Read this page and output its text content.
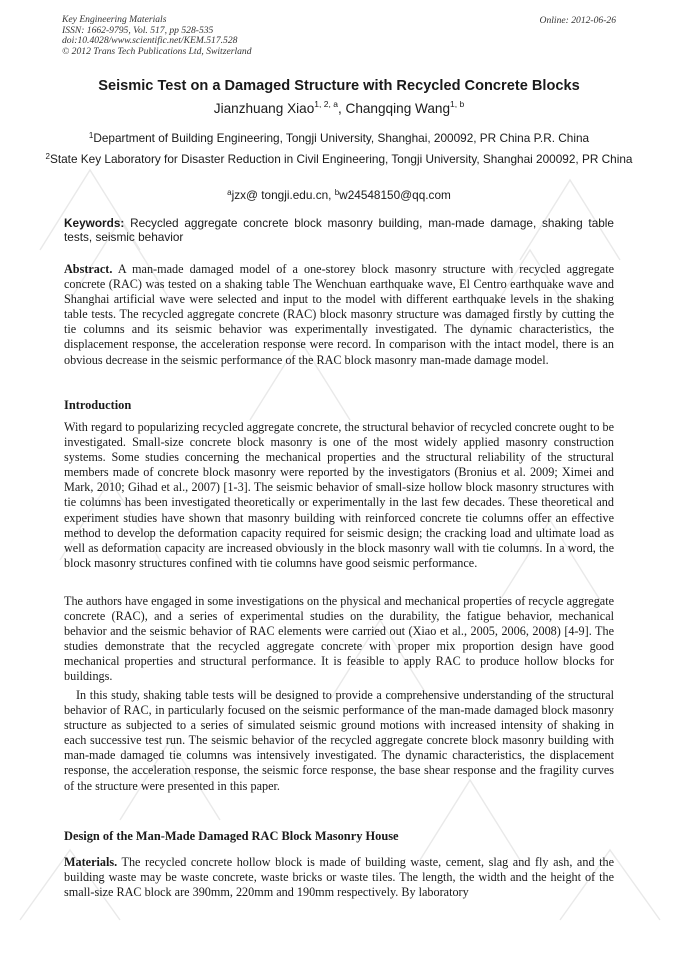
Key Engineering Materials
ISSN: 1662-9795, Vol. 517, pp 528-535
doi:10.4028/www.scientific.net/KEM.517.528
© 2012 Trans Tech Publications Ltd, Switzerland
Online: 2012-06-26
Seismic Test on a Damaged Structure with Recycled Concrete Blocks
Jianzhuang Xiao$^{1, 2, a}$, Changqing Wang$^{1, b}$
$^1$Department of Building Engineering, Tongji University, Shanghai, 200092, PR China P.R. China
$^2$State Key Laboratory for Disaster Reduction in Civil Engineering, Tongji University, Shanghai 200092, PR China
$^a$jzx@ tongji.edu.cn, $^b$w24548150@qq.com
Keywords: Recycled aggregate concrete block masonry building, man-made damage, shaking table tests, seismic behavior
Abstract. A man-made damaged model of a one-storey block masonry structure with recycled aggregate concrete (RAC) was tested on a shaking table The Wenchuan earthquake wave, El Centro earthquake wave and Shanghai artificial wave were selected and input to the model with different earthquake levels in the shaking table tests. The recycled aggregate concrete (RAC) block masonry structure was damaged firstly by cutting the tie columns and its seismic behavior was experimentally investigated. The dynamic characteristics, the displacement response, the acceleration response were record. In comparison with the intact model, there is an obvious decrease in the seismic performance of the RAC block masonry man-made damage model.
Introduction
With regard to popularizing recycled aggregate concrete, the structural behavior of recycled concrete ought to be investigated. Small-size concrete block masonry is one of the most widely applied masonry construction systems. Some studies concerning the mechanical properties and the structural reliability of the structural members made of concrete block masonry were reported by the investigators (Bronius et al. 2009; Ximei and Mark, 2010; Gihad et al., 2007) [1-3]. The seismic behavior of small-size hollow block masonry structures with tie columns has been investigated theoretically or experimentally in the last few decades. These theoretical and experiment studies have shown that masonry building with reinforced concrete tie columns offer an effective method to develop the deformation capacity required for seismic design; the cracking load and ultimate load as well as deformation capacity are increased obviously in the block masonry wall with tie columns. In a word, the block masonry structures confined with tie columns have good seismic performance.
The authors have engaged in some investigations on the physical and mechanical properties of recycle aggregate concrete (RAC), and a series of experimental studies on the durability, the fatigue behavior, mechanical behavior and the seismic behavior of RAC elements were carried out (Xiao et al., 2005, 2006, 2008) [4-9]. The studies demonstrate that the recycled aggregate concrete with proper mix proportion design have good mechanical properties and structural performance. It is feasible to apply RAC to produce hollow blocks for buildings.
In this study, shaking table tests will be designed to provide a comprehensive understanding of the structural behavior of RAC, in particularly focused on the seismic performance of the man-made damaged block masonry structure as subjected to a series of simulated seismic ground motions with increased intensity of shaking in each successive test run. The seismic behavior of the recycled aggregate concrete block masonry building with man-made damaged tie columns was intensively investigated. The dynamic characteristics, the displacement response, the acceleration response, the seismic force response, the base shear response and the fragility curves of the structure were presented in this paper.
Design of the Man-Made Damaged RAC Block Masonry House
Materials. The recycled concrete hollow block is made of building waste, cement, slag and fly ash, and the building waste may be waste concrete, waste bricks or waste tiles. The length, the width and the height of the small-size RAC block are 390mm, 220mm and 190mm respectively. By laboratory
